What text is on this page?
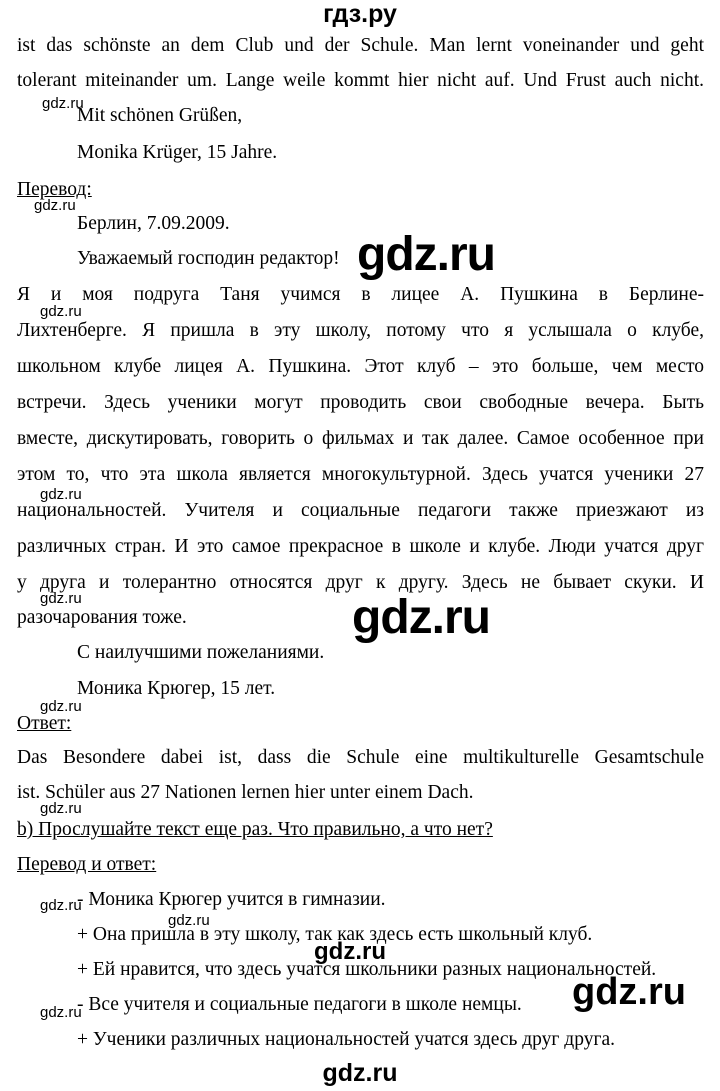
гдз.ру
ist das schönste an dem Club und der Schule. Man lernt voneinander und geht
tolerant miteinander um. Lange weile kommt hier nicht auf. Und Frust auch nicht.
Mit schönen Grüßen,
Monika Krüger, 15 Jahre.
Перевод:
Берлин, 7.09.2009.
Уважаемый господин редактор!
Я и моя подруга Таня учимся в лицее А. Пушкина в Берлине-
Лихтенберге. Я пришла в эту школу, потому что я услышала о клубе,
школьном клубе лицея А. Пушкина. Этот клуб – это больше, чем место
встречи. Здесь ученики могут проводить свои свободные вечера. Быть
вместе, дискутировать, говорить о фильмах и так далее. Самое особенное при
этом то, что эта школа является многокультурной. Здесь учатся ученики 27
национальностей. Учителя и социальные педагоги также приезжают из
различных стран. И это самое прекрасное в школе и клубе. Люди учатся друг
у друга и толерантно относятся друг к другу. Здесь не бывает скуки. И
разочарования тоже.
С наилучшими пожеланиями.
Моника Крюгер, 15 лет.
Ответ:
Das Besondere dabei ist, dass die Schule eine multikulturelle Gesamtschule
ist. Schüler aus 27 Nationen lernen hier unter einem Dach.
b) Прослушайте текст еще раз. Что правильно, а что нет?
Перевод и ответ:
- Моника Крюгер учится в гимназии.
+ Она пришла в эту школу, так как здесь есть школьный клуб.
+ Ей нравится, что здесь учатся школьники разных национальностей.
- Все учителя и социальные педагоги в школе немцы.
+ Ученики различных национальностей учатся здесь друг друга.
gdz.ru
gdz.ru
gdz.ru
gdz.ru
gdz.ru
gdz.ru
gdz.ru
gdz.ru
gdz.ru
gdz.ru
gdz.ru
gdz.ru
gdz.ru
gdz.ru
gdz.ru
